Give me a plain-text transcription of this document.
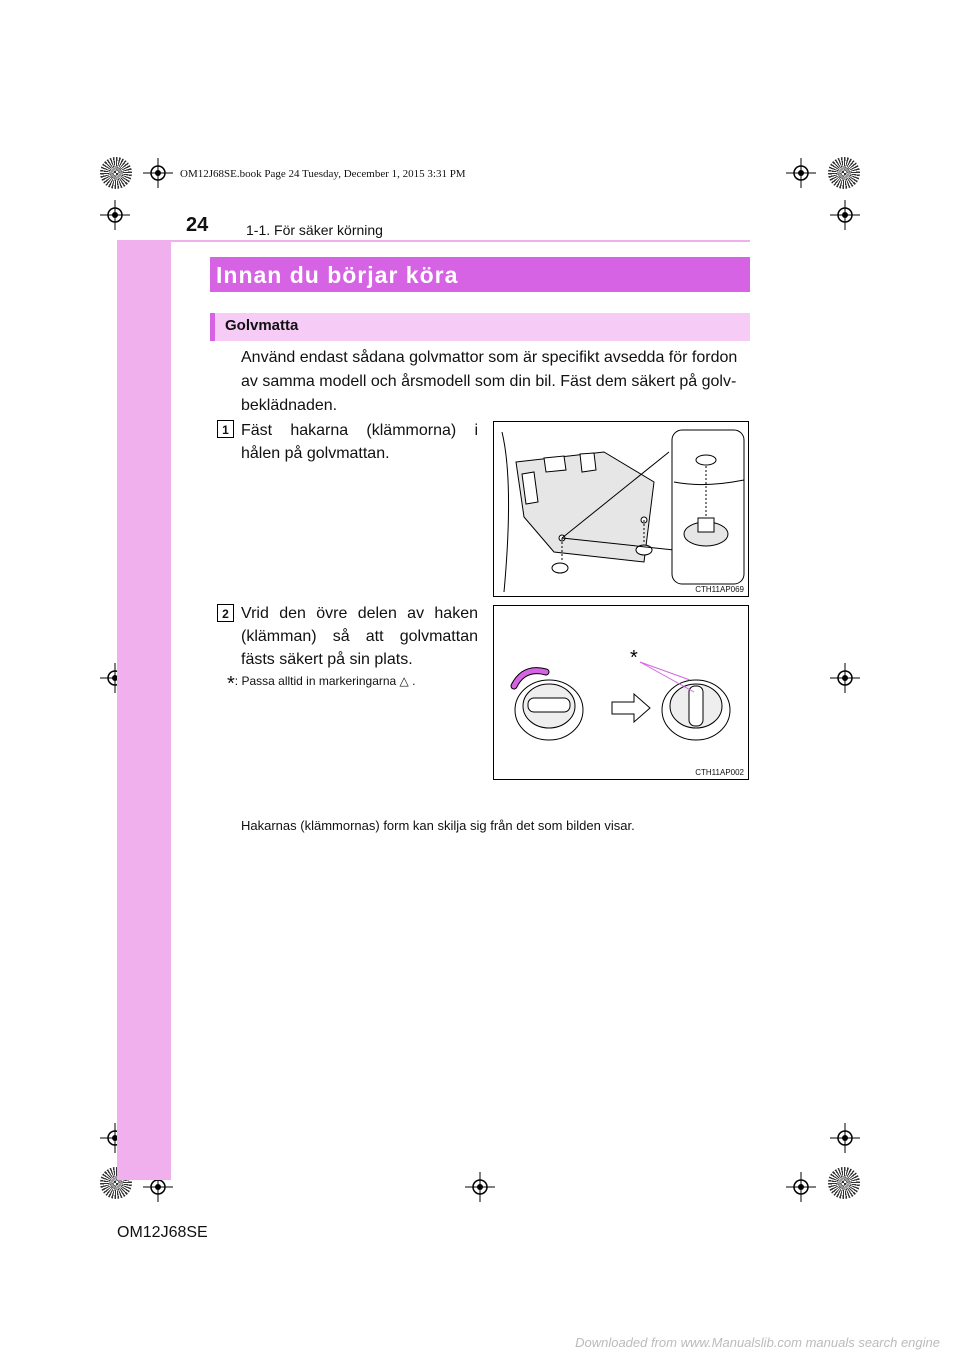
OM12J68SE.book Page 24 Tuesday, December 1, 2015 3:31 PM
24	1-1. För säker körning
Innan du börjar köra
Golvmatta
Använd endast sådana golvmattor som är specifikt avsedda för fordon av samma modell och årsmodell som din bil. Fäst dem säkert på golvbeklädnaden.
1 Fäst hakarna (klämmorna) i hålen på golvmattan.
CTH11AP069
2 Vrid den övre delen av haken (klämman) så att golvmattan fästs säkert på sin plats.
*: Passa alltid in markeringarna △ .
*
CTH11AP002
Hakarnas (klämmornas) form kan skilja sig från det som bilden visar.
OM12J68SE
Downloaded from www.Manualslib.com manuals search engine
